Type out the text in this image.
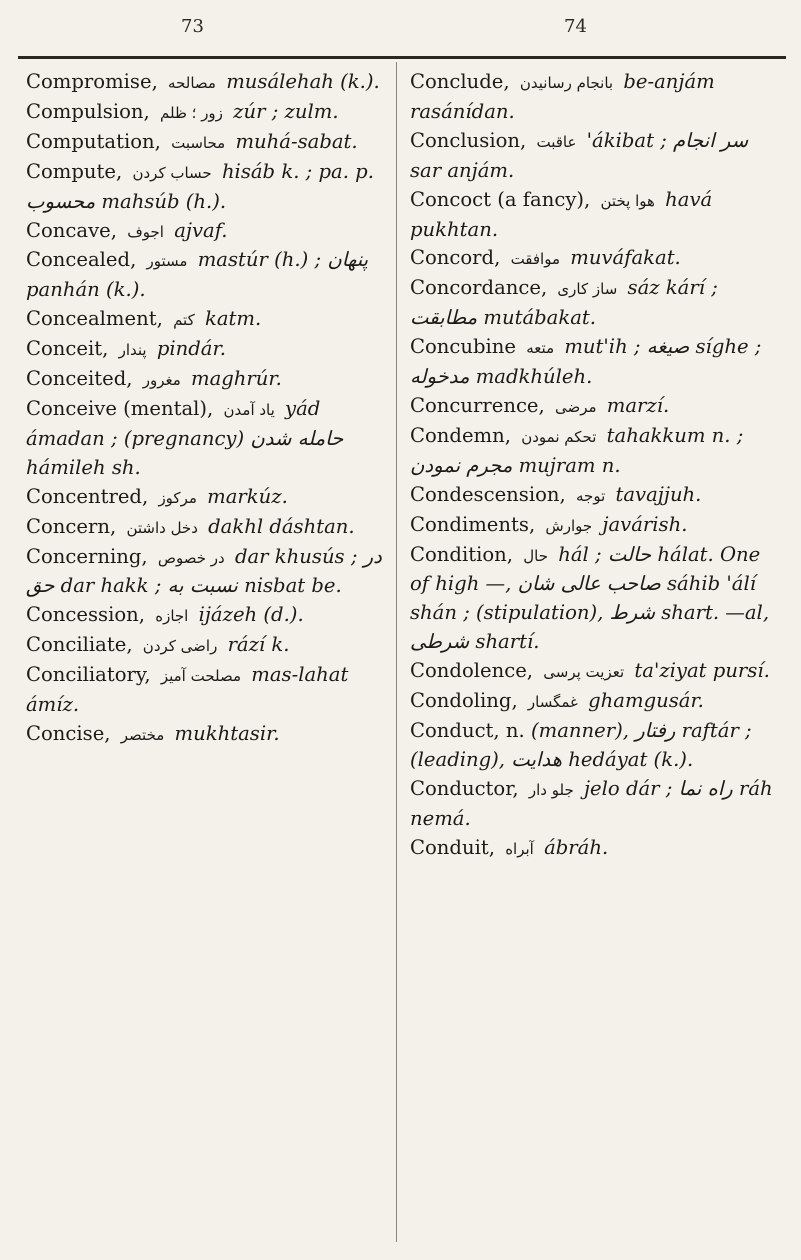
73	74

Compromise, مصالحه musálehah (k.).

Compulsion, زور ؛ ظلم zúr ; zulm.

Computation, محاسبت muhá-sabat.

Compute, حساب کردن hisáb k. ; pa. p. محسوب mahsúb (h.).

Concave, اجوف ajvaf.

Concealed, مستور mastúr (h.) ; پنهان panhán (k.).

Concealment, کتم katm.

Conceit, پندار pindár.

Conceited, مغرور maghrúr.

Conceive (mental), یاد آمدن yád ámadan ; (pregnancy) حامله شدن hámileh sh.

Concentred, مرکوز markúz.

Concern, دخل داشتن dakhl dáshtan.

Concerning, در خصوص dar khusús ; در حق dar hakk ; نسبت به nisbat be.

Concession, اجازه ijázeh (d.).

Conciliate, راضی کردن rází k.

Conciliatory, مصلحت آمیز mas-lahat ámíz.

Concise, مختصر mukhtasir.

Conclude, بانجام رسانیدن be-anjám rasánídan.

Conclusion, عاقبت 'ákibat ; سر انجام sar anjám.

Concoct (a fancy), هوا پختن havá pukhtan.

Concord, موافقت muváfakat.

Concordance, ساز کاری sáz kárí ; مطابقت mutábakat.

Concubine متعه mut'ih ; صیغه síghe ; مدخوله madkhúleh.

Concurrence, مرضی marzí.

Condemn, تحکم نمودن tahakkum n. ; مجرم نمودن mujram n.

Condescension, توجه tavajjuh.

Condiments, جوارش javárish.

Condition, حال hál ; حالت hálat. One of high —, صاحب عالی شان sáhib 'álí shán ; (stipulation), شرط shart. —al, شرطی shartí.

Condolence, تعزیت پرسی ta'ziyat pursí.

Condoling, غمگسار ghamgusár.

Conduct, n. (manner), رفتار raftár ; (leading), هدایت hedáyat (k.).

Conductor, جلو دار jelo dár ; راه نما ráh nemá.

Conduit, آبراه ábráh.
